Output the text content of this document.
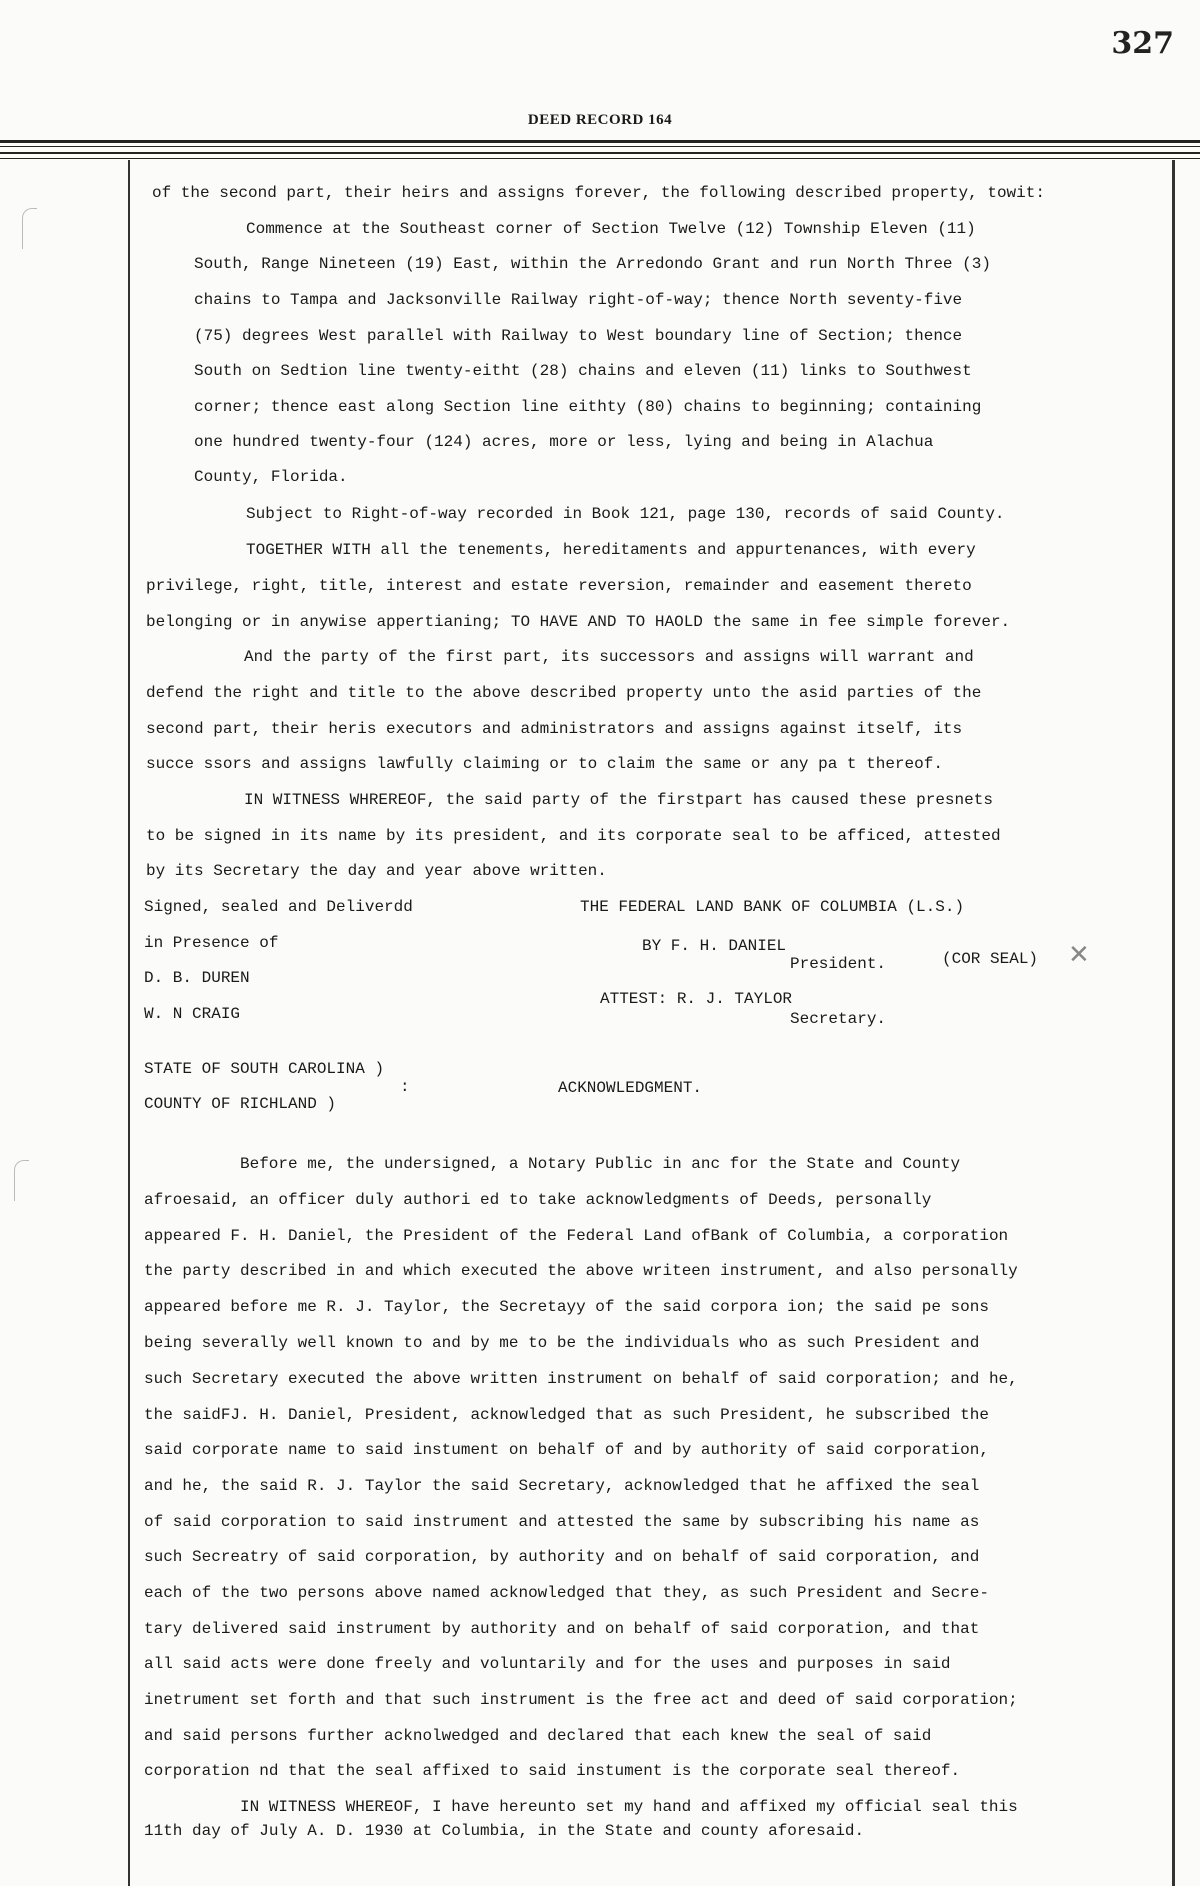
327
DEED RECORD 164
✕
of the second part, their heirs and assigns forever, the following described property, towit:
Commence at the Southeast corner of Section Twelve (12) Township Eleven (11)
South, Range Nineteen (19) East, within the Arredondo Grant and run North Three (3)
chains to Tampa and Jacksonville Railway right-of-way; thence North seventy-five
(75) degrees West parallel with Railway to West boundary line of Section; thence
South on Sedtion line twenty-eitht (28) chains and eleven (11) links to Southwest
corner; thence east along Section line eithty (80) chains to beginning; containing
one hundred twenty-four (124) acres, more or less, lying and being in Alachua
County, Florida.
Subject to Right-of-way recorded in Book 121, page 130, records of said County.
TOGETHER WITH all the tenements, hereditaments and appurtenances, with every
privilege, right, title, interest and estate reversion, remainder and easement thereto
belonging or in anywise appertianing; TO HAVE AND TO HAOLD the same in fee simple forever.
And the party of the first part, its successors and assigns will warrant and
defend the right and title to the above described property unto the asid parties of the
second part, their heris executors and administrators and assigns against itself, its
succe ssors and assigns lawfully claiming or to claim the same or any pa t thereof.
IN WITNESS WHREREOF, the said party of the firstpart has caused these presnets
to be signed in its name by its president, and its corporate seal to be afficed, attested
by its Secretary the day and year above written.
Signed, sealed and Deliverdd
in Presence of
D. B. DUREN
W. N CRAIG
THE FEDERAL LAND BANK OF COLUMBIA (L.S.)
BY F. H. DANIEL
President.	(COR SEAL)
ATTEST: R. J. TAYLOR
Secretary.
STATE OF SOUTH CAROLINA )
:
COUNTY OF RICHLAND )
ACKNOWLEDGMENT.
Before me, the undersigned, a Notary Public in anc for the State and County
afroesaid, an officer duly authori ed to take acknowledgments of Deeds, personally
appeared F. H. Daniel, the President of the Federal Land ofBank of Columbia, a corporation
the party described in and which executed the above writeen instrument, and also personally
appeared before me R. J. Taylor, the Secretayy of the said corpora ion; the said pe sons
being severally well known to and by me to be the individuals who as such President and
such Secretary executed the above written instrument on behalf of said corporation; and he,
the saidFJ. H. Daniel, President, acknowledged that as such President, he subscribed the
said corporate name to said instument on behalf of and by authority of said corporation,
and he, the said R. J. Taylor the said Secretary, acknowledged that he affixed the seal
of said corporation to said instrument and attested the same by subscribing his name as
such Secreatry of said corporation, by authority and on behalf of said corporation, and
each of the two persons above named acknowledged that they, as such President and Secre-
tary delivered said instrument by authority and on behalf of said corporation, and that
all said acts were done freely and voluntarily and for the uses and purposes in said
inetrument set forth and that such instrument is the free act and deed of said corporation;
and said persons further acknolwedged and declared that each knew the seal of said
corporation nd that the seal affixed to said instument is the corporate seal thereof.
IN WITNESS WHEREOF, I have hereunto set my hand and affixed my official seal this
11th day of July A. D. 1930 at Columbia, in the State and county aforesaid.
